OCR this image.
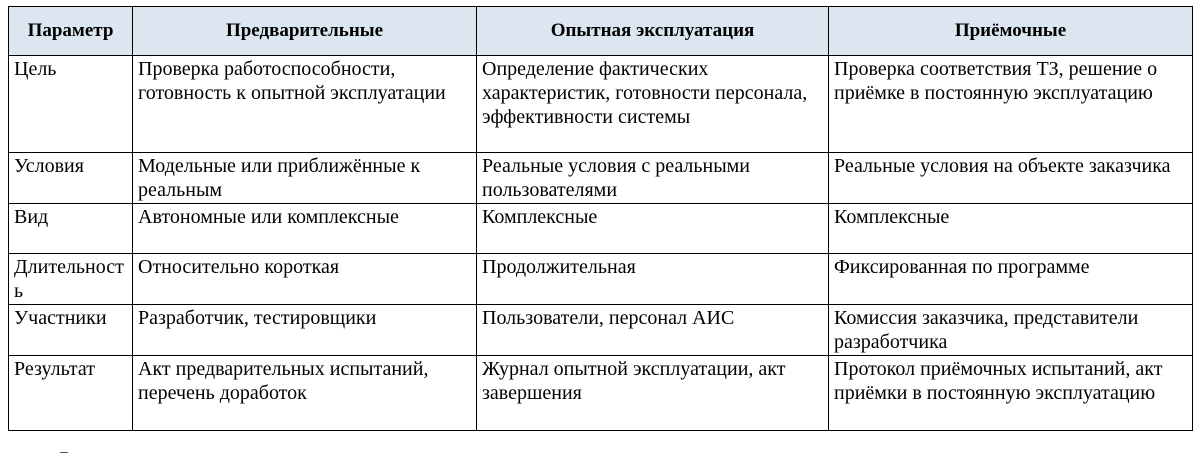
Параметр	Предварительные	Опытная эксплуатация	Приёмочные
Цель	Проверка работоспособности, готовность к опытной эксплуатации	Определение фактических характеристик, готовности персонала, эффективности системы	Проверка соответствия ТЗ, решение о приёмке в постоянную эксплуатацию
Условия	Модельные или приближённые к реальным	Реальные условия с реальными пользователями	Реальные условия на объекте заказчика
Вид	Автономные или комплексные	Комплексные	Комплексные
Длительность	Относительно короткая	Продолжительная	Фиксированная по программе
Участники	Разработчик, тестировщики	Пользователи, персонал АИС	Комиссия заказчика, представители разработчика
Результат	Акт предварительных испытаний, перечень доработок	Журнал опытной эксплуатации, акт завершения	Протокол приёмочных испытаний, акт приёмки в постоянную эксплуатацию
